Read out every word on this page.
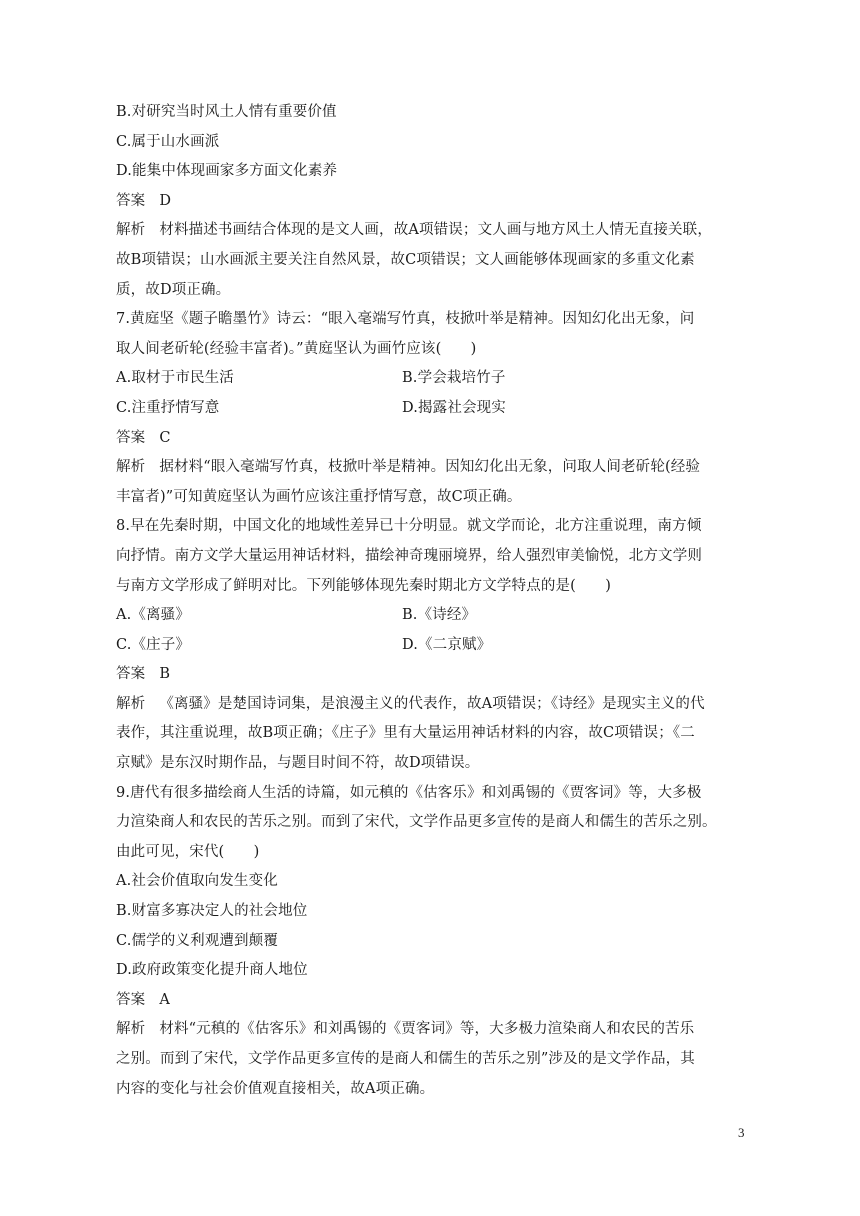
B.对研究当时风土人情有重要价值
C.属于山水画派
D.能集中体现画家多方面文化素养
答案 D
解析 材料描述书画结合体现的是文人画，故A项错误；文人画与地方风土人情无直接关联，
故B项错误；山水画派主要关注自然风景，故C项错误；文人画能够体现画家的多重文化素
质，故D项正确。
7.黄庭坚《题子瞻墨竹》诗云：“眼入毫端写竹真，枝掀叶举是精神。因知幻化出无象，问
取人间老斫轮(经验丰富者)。”黄庭坚认为画竹应该(　　)
A.取材于市民生活	B.学会栽培竹子
C.注重抒情写意	D.揭露社会现实
答案 C
解析 据材料“眼入毫端写竹真，枝掀叶举是精神。因知幻化出无象，问取人间老斫轮(经验
丰富者)”可知黄庭坚认为画竹应该注重抒情写意，故C项正确。
8.早在先秦时期，中国文化的地域性差异已十分明显。就文学而论，北方注重说理，南方倾
向抒情。南方文学大量运用神话材料，描绘神奇瑰丽境界，给人强烈审美愉悦，北方文学则
与南方文学形成了鲜明对比。下列能够体现先秦时期北方文学特点的是(　　)
A.《离骚》	B.《诗经》
C.《庄子》	D.《二京赋》
答案 B
解析 《离骚》是楚国诗词集，是浪漫主义的代表作，故A项错误；《诗经》是现实主义的代
表作，其注重说理，故B项正确；《庄子》里有大量运用神话材料的内容，故C项错误；《二
京赋》是东汉时期作品，与题目时间不符，故D项错误。
9.唐代有很多描绘商人生活的诗篇，如元稹的《估客乐》和刘禹锡的《贾客词》等，大多极
力渲染商人和农民的苦乐之别。而到了宋代，文学作品更多宣传的是商人和儒生的苦乐之别。
由此可见，宋代(　　)
A.社会价值取向发生变化
B.财富多寡决定人的社会地位
C.儒学的义利观遭到颠覆
D.政府政策变化提升商人地位
答案 A
解析 材料“元稹的《估客乐》和刘禹锡的《贾客词》等，大多极力渲染商人和农民的苦乐
之别。而到了宋代，文学作品更多宣传的是商人和儒生的苦乐之别”涉及的是文学作品，其
内容的变化与社会价值观直接相关，故A项正确。
3
